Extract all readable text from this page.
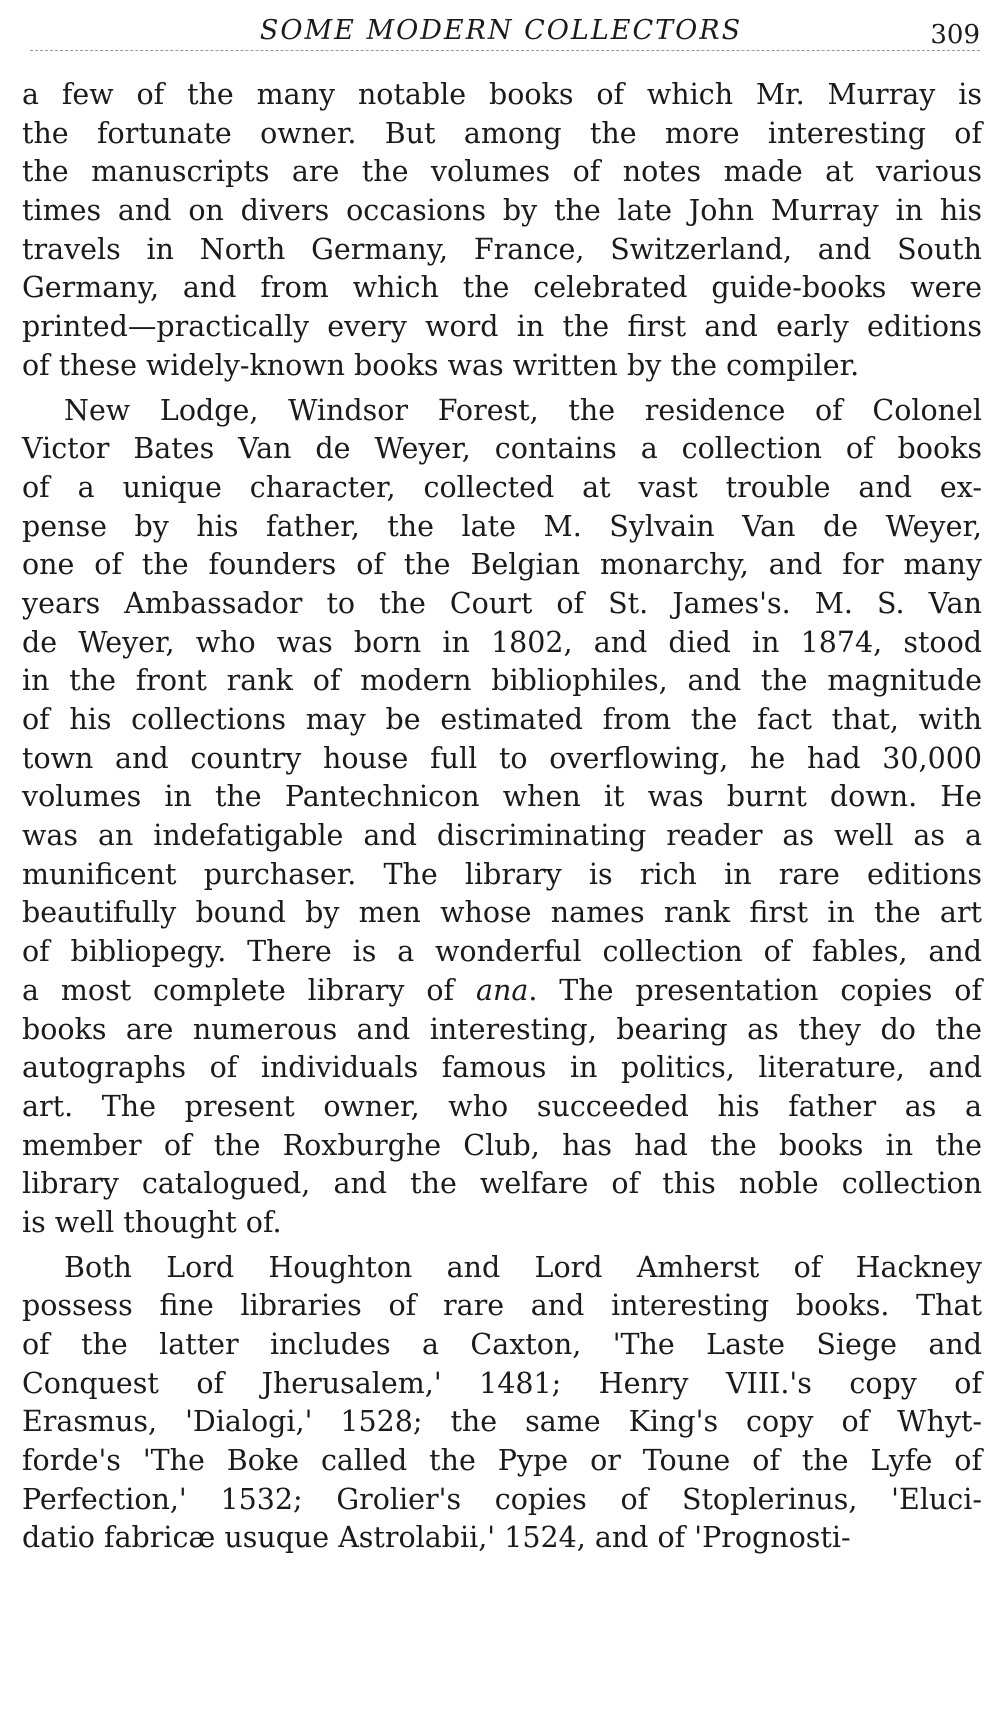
SOME MODERN COLLECTORS	309
a few of the many notable books of which Mr. Murray is
the fortunate owner. But among the more interesting of
the manuscripts are the volumes of notes made at various
times and on divers occasions by the late John Murray in his
travels in North Germany, France, Switzerland, and South
Germany, and from which the celebrated guide-books were
printed—practically every word in the first and early editions
of these widely-known books was written by the compiler.
New Lodge, Windsor Forest, the residence of Colonel
Victor Bates Van de Weyer, contains a collection of books
of a unique character, collected at vast trouble and ex-
pense by his father, the late M. Sylvain Van de Weyer,
one of the founders of the Belgian monarchy, and for many
years Ambassador to the Court of St. James's. M. S. Van
de Weyer, who was born in 1802, and died in 1874, stood
in the front rank of modern bibliophiles, and the magnitude
of his collections may be estimated from the fact that, with
town and country house full to overflowing, he had 30,000
volumes in the Pantechnicon when it was burnt down. He
was an indefatigable and discriminating reader as well as a
munificent purchaser. The library is rich in rare editions
beautifully bound by men whose names rank first in the art
of bibliopegy. There is a wonderful collection of fables, and
a most complete library of ana. The presentation copies of
books are numerous and interesting, bearing as they do the
autographs of individuals famous in politics, literature, and
art. The present owner, who succeeded his father as a
member of the Roxburghe Club, has had the books in the
library catalogued, and the welfare of this noble collection
is well thought of.
Both Lord Houghton and Lord Amherst of Hackney
possess fine libraries of rare and interesting books. That
of the latter includes a Caxton, 'The Laste Siege and
Conquest of Jherusalem,' 1481; Henry VIII.'s copy of
Erasmus, 'Dialogi,' 1528; the same King's copy of Whyt-
forde's 'The Boke called the Pype or Toune of the Lyfe of
Perfection,' 1532; Grolier's copies of Stoplerinus, 'Eluci-
datio fabricæ usuque Astrolabii,' 1524, and of 'Prognosti-
